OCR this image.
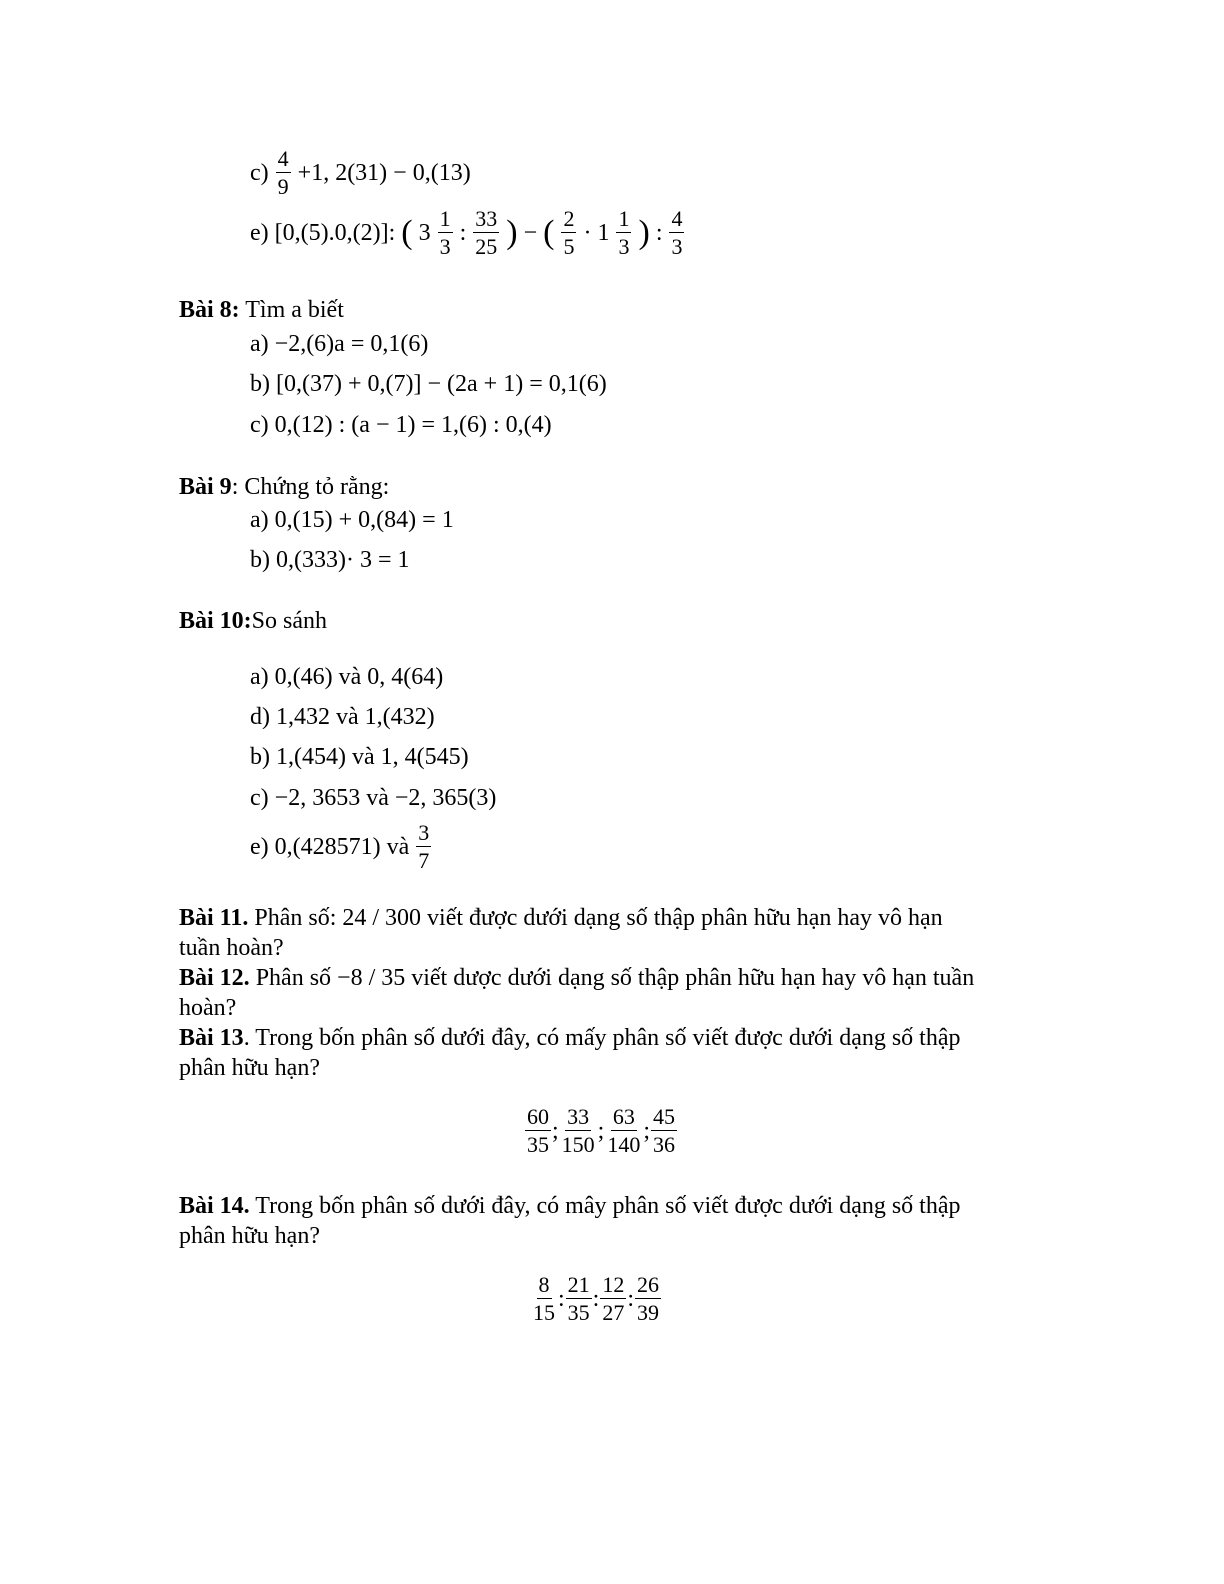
$c) \frac{4}{9} +1$, 2(31) − 0,(13)
e) [0,(5).0,(2)]: ( $3 \frac{1}{3}$ : $\frac{33}{25}$ ) − ( $\frac{2}{5} \cdot 1 \frac{1}{3}$ ) : $\frac{4}{3}$
Bài 8: Tìm a biết
a) −2,(6)a = 0,1(6)
b) [0,(37) + 0,(7)] − (2a + 1) = 0,1(6)
c) 0,(12) : (a − 1) = 1,(6) : 0,(4)
Bài 9: Chứng tỏ rằng:
a) 0,(15) + 0,(84) = 1
b) 0,(333)· 3 = 1
Bài 10:So sánh
a) 0,(46) và 0, 4(64)
d) 1,432 và 1,(432)
b) 1,(454) và 1, 4(545)
c) −2, 3653 và −2, 365(3)
e) 0,(428571) và $\frac{3}{7}$
Bài 11. Phân số: 24 / 300 viết được dưới dạng số thập phân hữu hạn hay vô hạn
tuần hoàn?
Bài 12. Phân số −8 / 35 viết dược dưới dạng số thập phân hữu hạn hay vô hạn tuần
hoàn?
Bài 13. Trong bốn phân số dưới đây, có mấy phân số viết được dưới dạng số thập
phân hữu hạn?
$\frac{60}{35}$ ; $\frac{33}{150}$ ; $\frac{63}{140}$ ; $\frac{45}{36}$
Bài 14. Trong bốn phân số dưới đây, có mây phân số viết được dưới dạng số thập
phân hữu hạn?
$\frac{8}{15}$ : $\frac{21}{35}$ : $\frac{12}{27}$ : $\frac{26}{39}$
